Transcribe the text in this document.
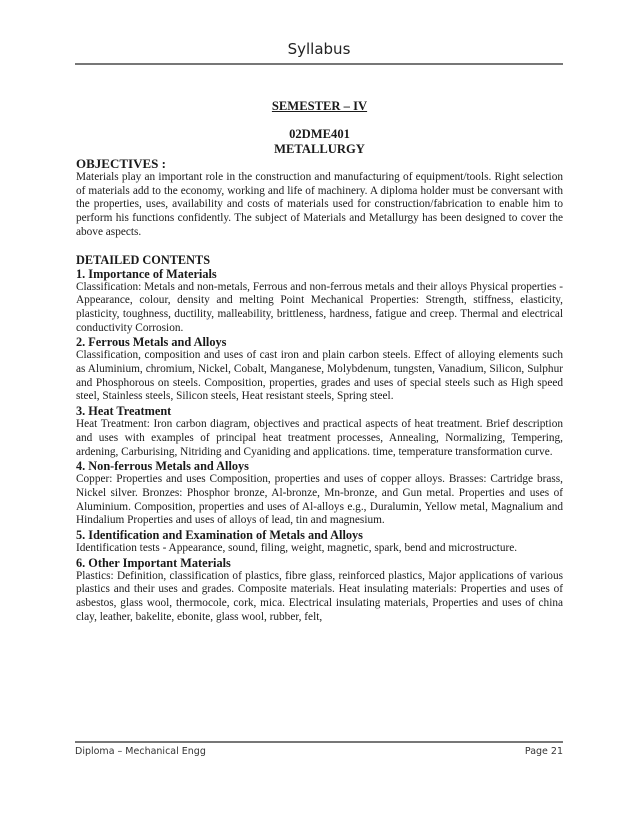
Syllabus
SEMESTER – IV
02DME401
METALLURGY
OBJECTIVES :
Materials play an important role in the construction and manufacturing of equipment/tools. Right selection of materials add to the economy, working and life of machinery. A diploma holder must be conversant with the properties, uses, availability and costs of materials used for construction/fabrication to enable him to perform his functions confidently. The subject of Materials and Metallurgy has been designed to cover the above aspects.
DETAILED CONTENTS
1. Importance of Materials
Classification: Metals and non-metals, Ferrous and non-ferrous metals and their alloys Physical properties - Appearance, colour, density and melting Point Mechanical Properties: Strength, stiffness, elasticity, plasticity, toughness, ductility, malleability, brittleness, hardness, fatigue and creep. Thermal and electrical conductivity Corrosion.
2. Ferrous Metals and Alloys
Classification, composition and uses of cast iron and plain carbon steels. Effect of alloying elements such as Aluminium, chromium, Nickel, Cobalt, Manganese, Molybdenum, tungsten, Vanadium, Silicon, Sulphur and Phosphorous on steels. Composition, properties, grades and uses of special steels such as High speed steel, Stainless steels, Silicon steels, Heat resistant steels, Spring steel.
3. Heat Treatment
Heat Treatment: Iron carbon diagram, objectives and practical aspects of heat treatment. Brief description and uses with examples of principal heat treatment processes, Annealing, Normalizing, Tempering, ardening, Carburising, Nitriding and Cyaniding and applications. time, temperature transformation curve.
4. Non-ferrous Metals and Alloys
Copper: Properties and uses Composition, properties and uses of copper alloys. Brasses: Cartridge brass, Nickel silver. Bronzes: Phosphor bronze, Al-bronze, Mn-bronze, and Gun metal. Properties and uses of Aluminium. Composition, properties and uses of Al-alloys e.g., Duralumin, Yellow metal, Magnalium and Hindalium Properties and uses of alloys of lead, tin and magnesium.
5. Identification and Examination of Metals and Alloys
Identification tests - Appearance, sound, filing, weight, magnetic, spark, bend and microstructure.
6. Other Important Materials
Plastics: Definition, classification of plastics, fibre glass, reinforced plastics, Major applications of various plastics and their uses and grades. Composite materials. Heat insulating materials: Properties and uses of asbestos, glass wool, thermocole, cork, mica. Electrical insulating materials, Properties and uses of china clay, leather, bakelite, ebonite, glass wool, rubber, felt,
Diploma – Mechanical Engg	Page 21
